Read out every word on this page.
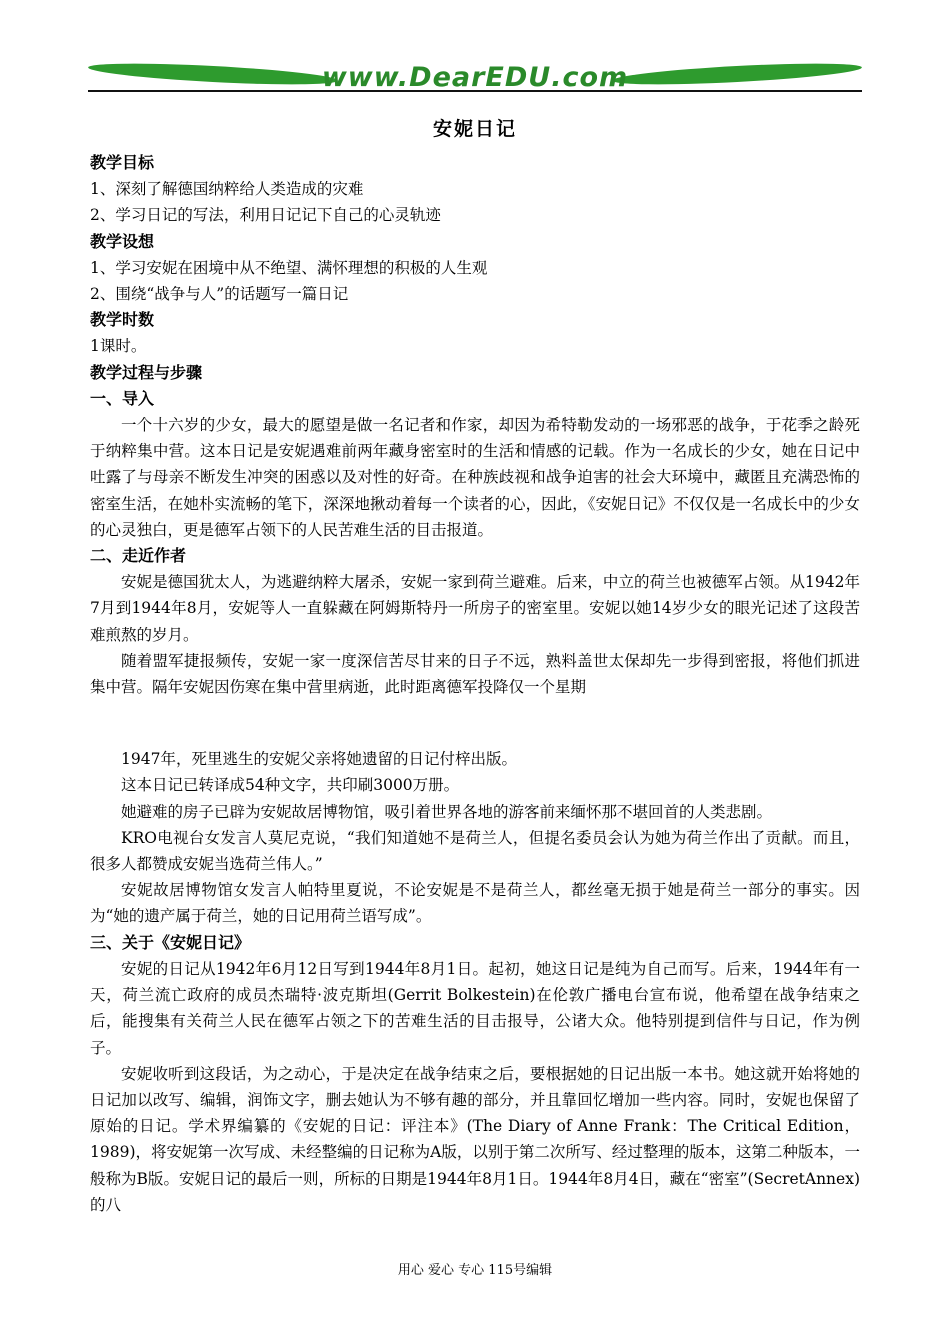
www.DearEDU.com
安妮日记

教学目标

1、深刻了解德国纳粹给人类造成的灾难

2、学习日记的写法，利用日记记下自己的心灵轨迹

教学设想

1、学习安妮在困境中从不绝望、满怀理想的积极的人生观

2、围绕“战争与人”的话题写一篇日记

教学时数

1课时。

教学过程与步骤

一、导入

一个十六岁的少女，最大的愿望是做一名记者和作家，却因为希特勒发动的一场邪恶的战争，于花季之龄死于纳粹集中营。这本日记是安妮遇难前两年藏身密室时的生活和情感的记载。作为一名成长的少女，她在日记中吐露了与母亲不断发生冲突的困惑以及对性的好奇。在种族歧视和战争迫害的社会大环境中，藏匿且充满恐怖的密室生活，在她朴实流畅的笔下，深深地揪动着每一个读者的心，因此，《安妮日记》不仅仅是一名成长中的少女的心灵独白，更是德军占领下的人民苦难生活的目击报道。

二、走近作者

安妮是德国犹太人，为逃避纳粹大屠杀，安妮一家到荷兰避难。后来，中立的荷兰也被德军占领。从1942年7月到1944年8月，安妮等人一直躲藏在阿姆斯特丹一所房子的密室里。安妮以她14岁少女的眼光记述了这段苦难煎熬的岁月。

随着盟军捷报频传，安妮一家一度深信苦尽甘来的日子不远，熟料盖世太保却先一步得到密报，将他们抓进集中营。隔年安妮因伤寒在集中营里病逝，此时距离德军投降仅一个星期

1947年，死里逃生的安妮父亲将她遗留的日记付梓出版。

这本日记已转译成54种文字，共印刷3000万册。

她避难的房子已辟为安妮故居博物馆，吸引着世界各地的游客前来缅怀那不堪回首的人类悲剧。

KRO电视台女发言人莫尼克说，“我们知道她不是荷兰人，但提名委员会认为她为荷兰作出了贡献。而且，很多人都赞成安妮当选荷兰伟人。”

安妮故居博物馆女发言人帕特里夏说，不论安妮是不是荷兰人，都丝毫无损于她是荷兰一部分的事实。因为“她的遗产属于荷兰，她的日记用荷兰语写成”。

三、关于《安妮日记》

安妮的日记从1942年6月12日写到1944年8月1日。起初，她这日记是纯为自己而写。后来，1944年有一天，荷兰流亡政府的成员杰瑞特·波克斯坦(Gerrit Bolkestein)在伦敦广播电台宣布说，他希望在战争结束之后，能搜集有关荷兰人民在德军占领之下的苦难生活的目击报导，公诸大众。他特别提到信件与日记，作为例子。

安妮收听到这段话，为之动心，于是决定在战争结束之后，要根据她的日记出版一本书。她这就开始将她的日记加以改写、编辑，润饰文字，删去她认为不够有趣的部分，并且靠回忆增加一些内容。同时，安妮也保留了原始的日记。学术界编纂的《安妮的日记：评注本》(The Diary of Anne Frank：The Critical Edition，1989)，将安妮第一次写成、未经整编的日记称为A版，以别于第二次所写、经过整理的版本，这第二种版本，一般称为B版。安妮日记的最后一则，所标的日期是1944年8月1日。1944年8月4日，藏在“密室”(SecretAnnex)的八

用心 爱心 专心 115号编辑
